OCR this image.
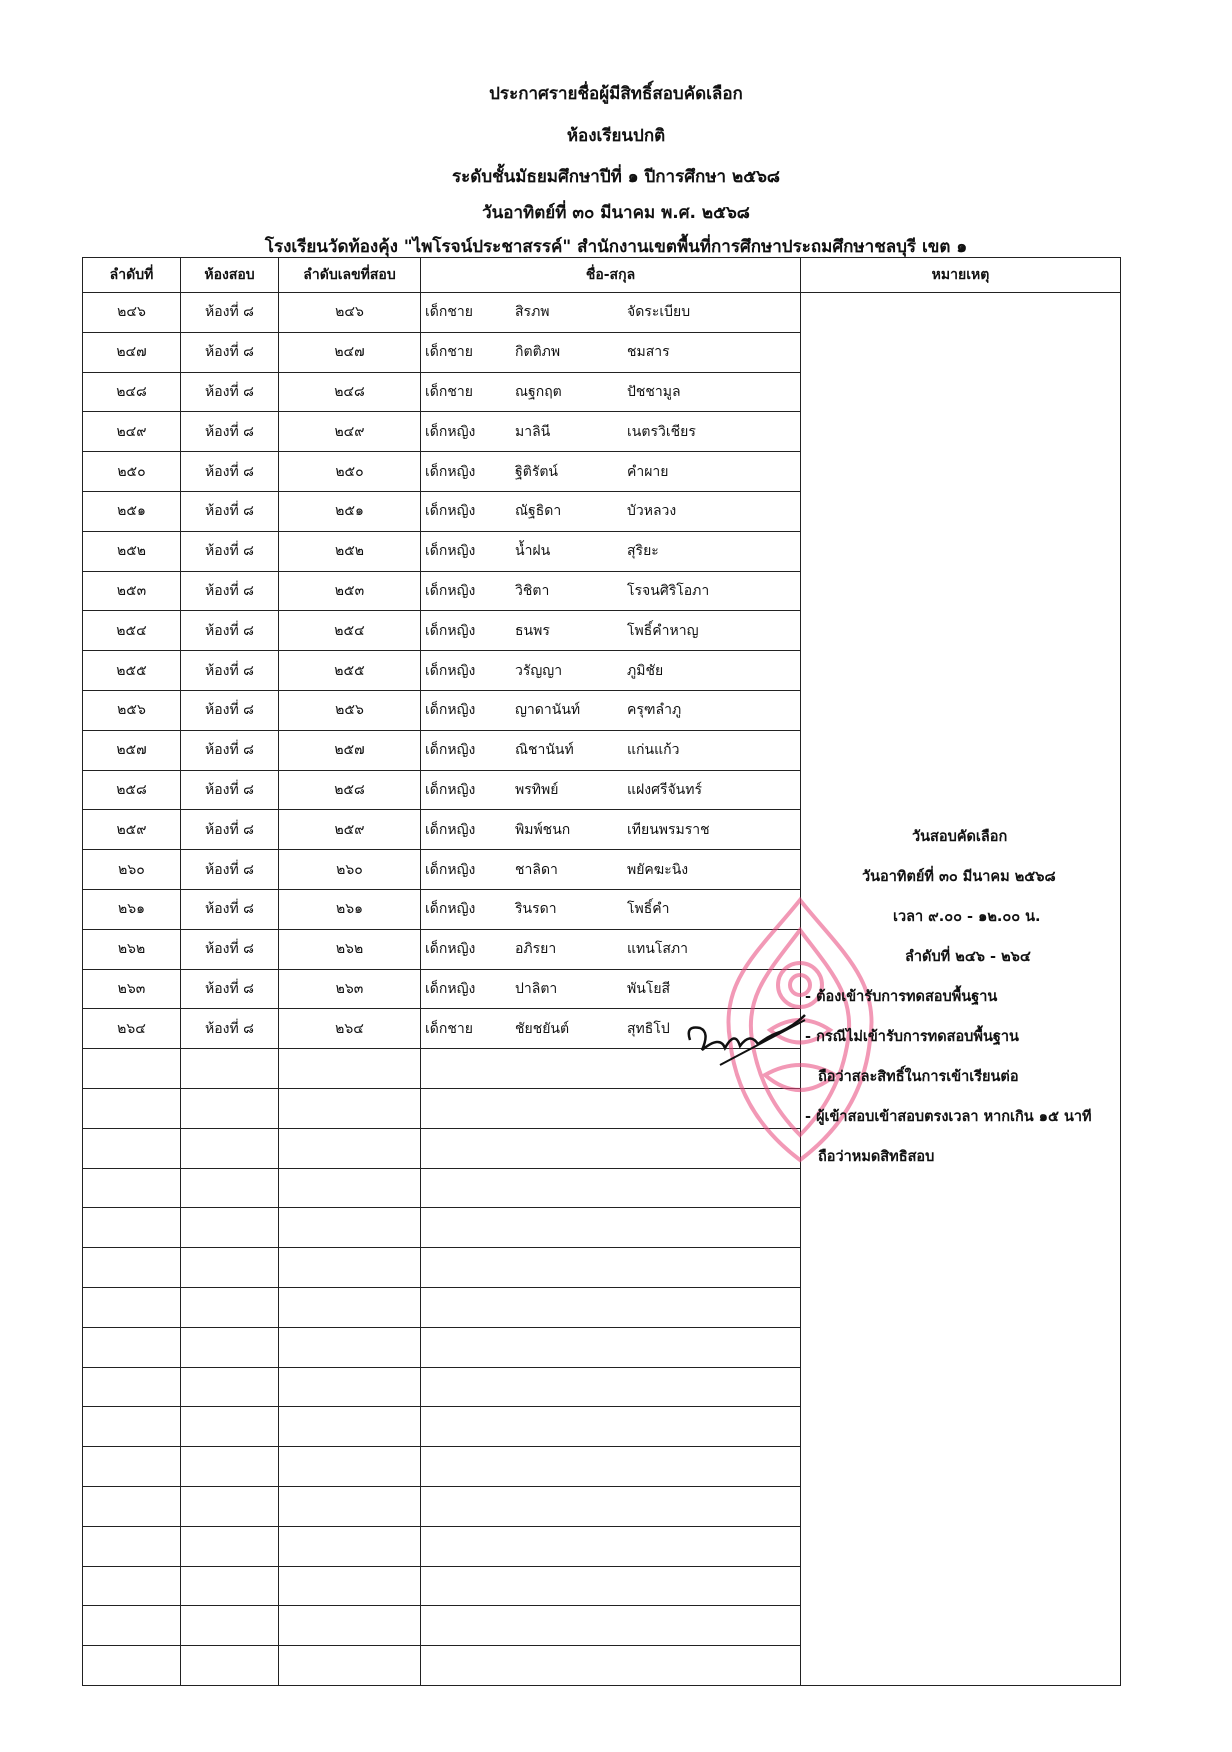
ประกาศรายชื่อผู้มีสิทธิ์สอบคัดเลือก
ห้องเรียนปกติ
ระดับชั้นมัธยมศึกษาปีที่ ๑ ปีการศึกษา ๒๕๖๘
วันอาทิตย์ที่ ๓๐ มีนาคม พ.ศ. ๒๕๖๘
โรงเรียนวัดท้องคุ้ง "ไพโรจน์ประชาสรรค์" สำนักงานเขตพื้นที่การศึกษาประถมศึกษาชลบุรี เขต ๑
ลำดับที่	ห้องสอบ	ลำดับเลขที่สอบ	ชื่อ-สกุล	หมายเหตุ
๒๔๖	ห้องที่ ๘	๒๔๖	เด็กชาย สิรภพ จัดระเบียบ	

๒๔๗	ห้องที่ ๘	๒๔๗	เด็กชาย กิตติภพ ชมสาร	

๒๔๘	ห้องที่ ๘	๒๔๘	เด็กชาย ณฐกฤต ปัชชามูล	

๒๔๙	ห้องที่ ๘	๒๔๙	เด็กหญิง มาลินี เนตรวิเชียร	

๒๕๐	ห้องที่ ๘	๒๕๐	เด็กหญิง ฐิติรัตน์ คำผาย	

๒๕๑	ห้องที่ ๘	๒๕๑	เด็กหญิง ณัฐธิดา บัวหลวง	

๒๕๒	ห้องที่ ๘	๒๕๒	เด็กหญิง น้ำฝน สุริยะ	

๒๕๓	ห้องที่ ๘	๒๕๓	เด็กหญิง วิชิตา โรจนศิริโอภา	

๒๕๔	ห้องที่ ๘	๒๕๔	เด็กหญิง ธนพร โพธิ์คำหาญ	

๒๕๕	ห้องที่ ๘	๒๕๕	เด็กหญิง วรัญญา ภูมิชัย	

๒๕๖	ห้องที่ ๘	๒๕๖	เด็กหญิง ญาดานันท์ ครุฑลำภู	

๒๕๗	ห้องที่ ๘	๒๕๗	เด็กหญิง ณิชานันท์ แก่นแก้ว	

๒๕๘	ห้องที่ ๘	๒๕๘	เด็กหญิง พรทิพย์ แฝงศรีจันทร์	

๒๕๙	ห้องที่ ๘	๒๕๙	เด็กหญิง พิมพ์ชนก เทียนพรมราช	

๒๖๐	ห้องที่ ๘	๒๖๐	เด็กหญิง ชาลิดา พยัคฆะนิง	

๒๖๑	ห้องที่ ๘	๒๖๑	เด็กหญิง รินรดา โพธิ์คำ	

๒๖๒	ห้องที่ ๘	๒๖๒	เด็กหญิง อภิรยา แทนโสภา	

๒๖๓	ห้องที่ ๘	๒๖๓	เด็กหญิง ปาลิตา พันโยสี	

๒๖๔	ห้องที่ ๘	๒๖๔	เด็กชาย ชัยชยันต์ สุทธิโป	

วันสอบคัดเลือก
วันอาทิตย์ที่ ๓๐ มีนาคม ๒๕๖๘
เวลา ๙.๐๐ - ๑๒.๐๐ น.
ลำดับที่ ๒๔๖ - ๒๖๔
- ต้องเข้ารับการทดสอบพื้นฐาน
- กรณีไม่เข้ารับการทดสอบพื้นฐาน
ถือว่าสละสิทธิ์ในการเข้าเรียนต่อ
- ผู้เข้าสอบเข้าสอบตรงเวลา หากเกิน ๑๕ นาที
ถือว่าหมดสิทธิสอบ
